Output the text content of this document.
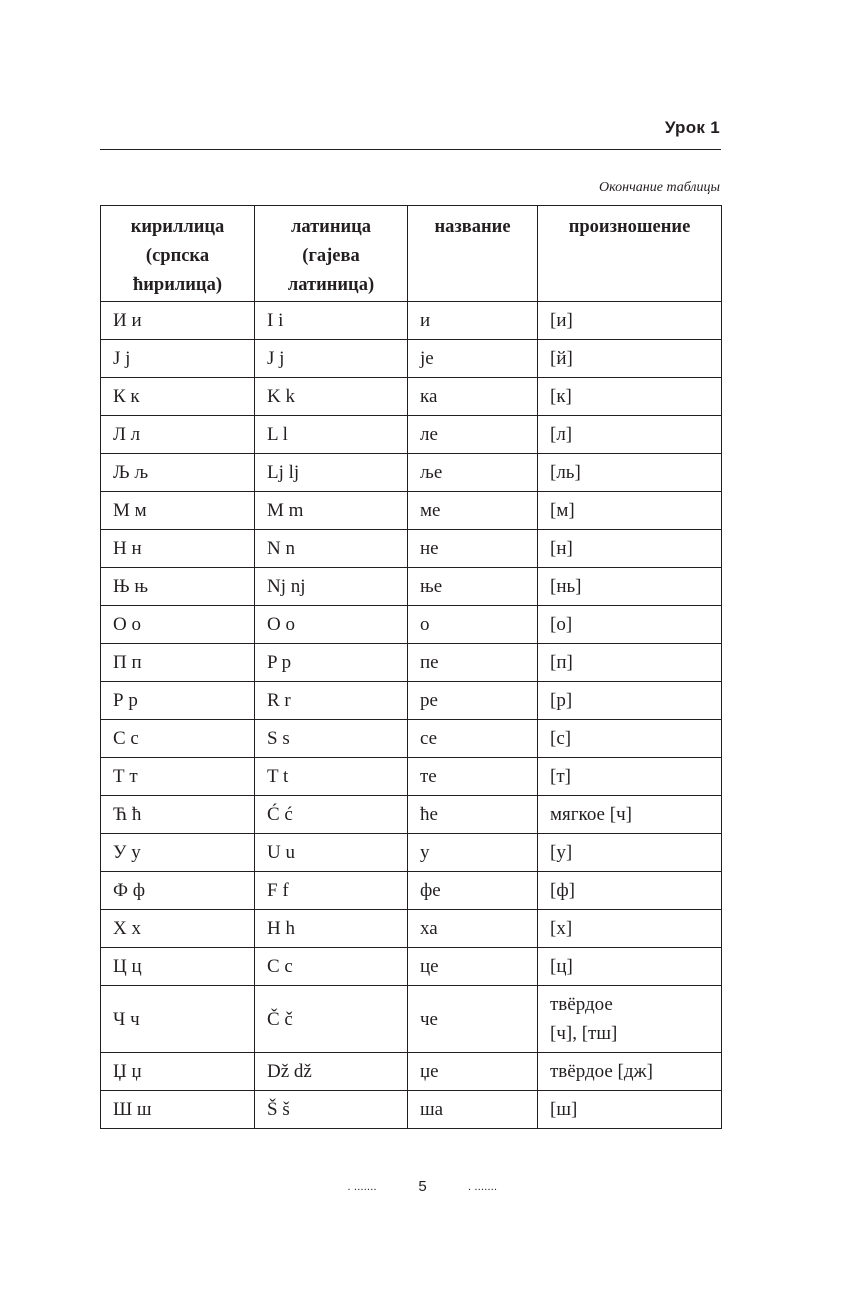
Урок 1
Окончание таблицы
кириллица
(српска
ћирилица)	латиница
(гајева
латиница)	название	произношение
И и	I i	и	[и]
J j	J j	јe	[й]
К к	K k	ка	[к]
Л л	L l	ле	[л]
Љ љ	Lj lj	ље	[ль]
М м	M m	ме	[м]
Н н	N n	не	[н]
Њ њ	Nj nj	ње	[нь]
О о	O o	о	[о]
П п	P p	пе	[п]
Р р	R r	ре	[р]
С с	S s	се	[с]
Т т	T t	те	[т]
Ћ ћ	Ć ć	ће	мягкое [ч]
У у	U u	у	[у]
Ф ф	F f	фе	[ф]
Х х	H h	ха	[х]
Ц ц	C c	це	[ц]
Ч ч	Č č	че	твёрдое
[ч], [тш]
Џ џ	Dž dž	џе	твёрдое [дж]
Ш ш	Š š	ша	[ш]
. .......	5	. .......
